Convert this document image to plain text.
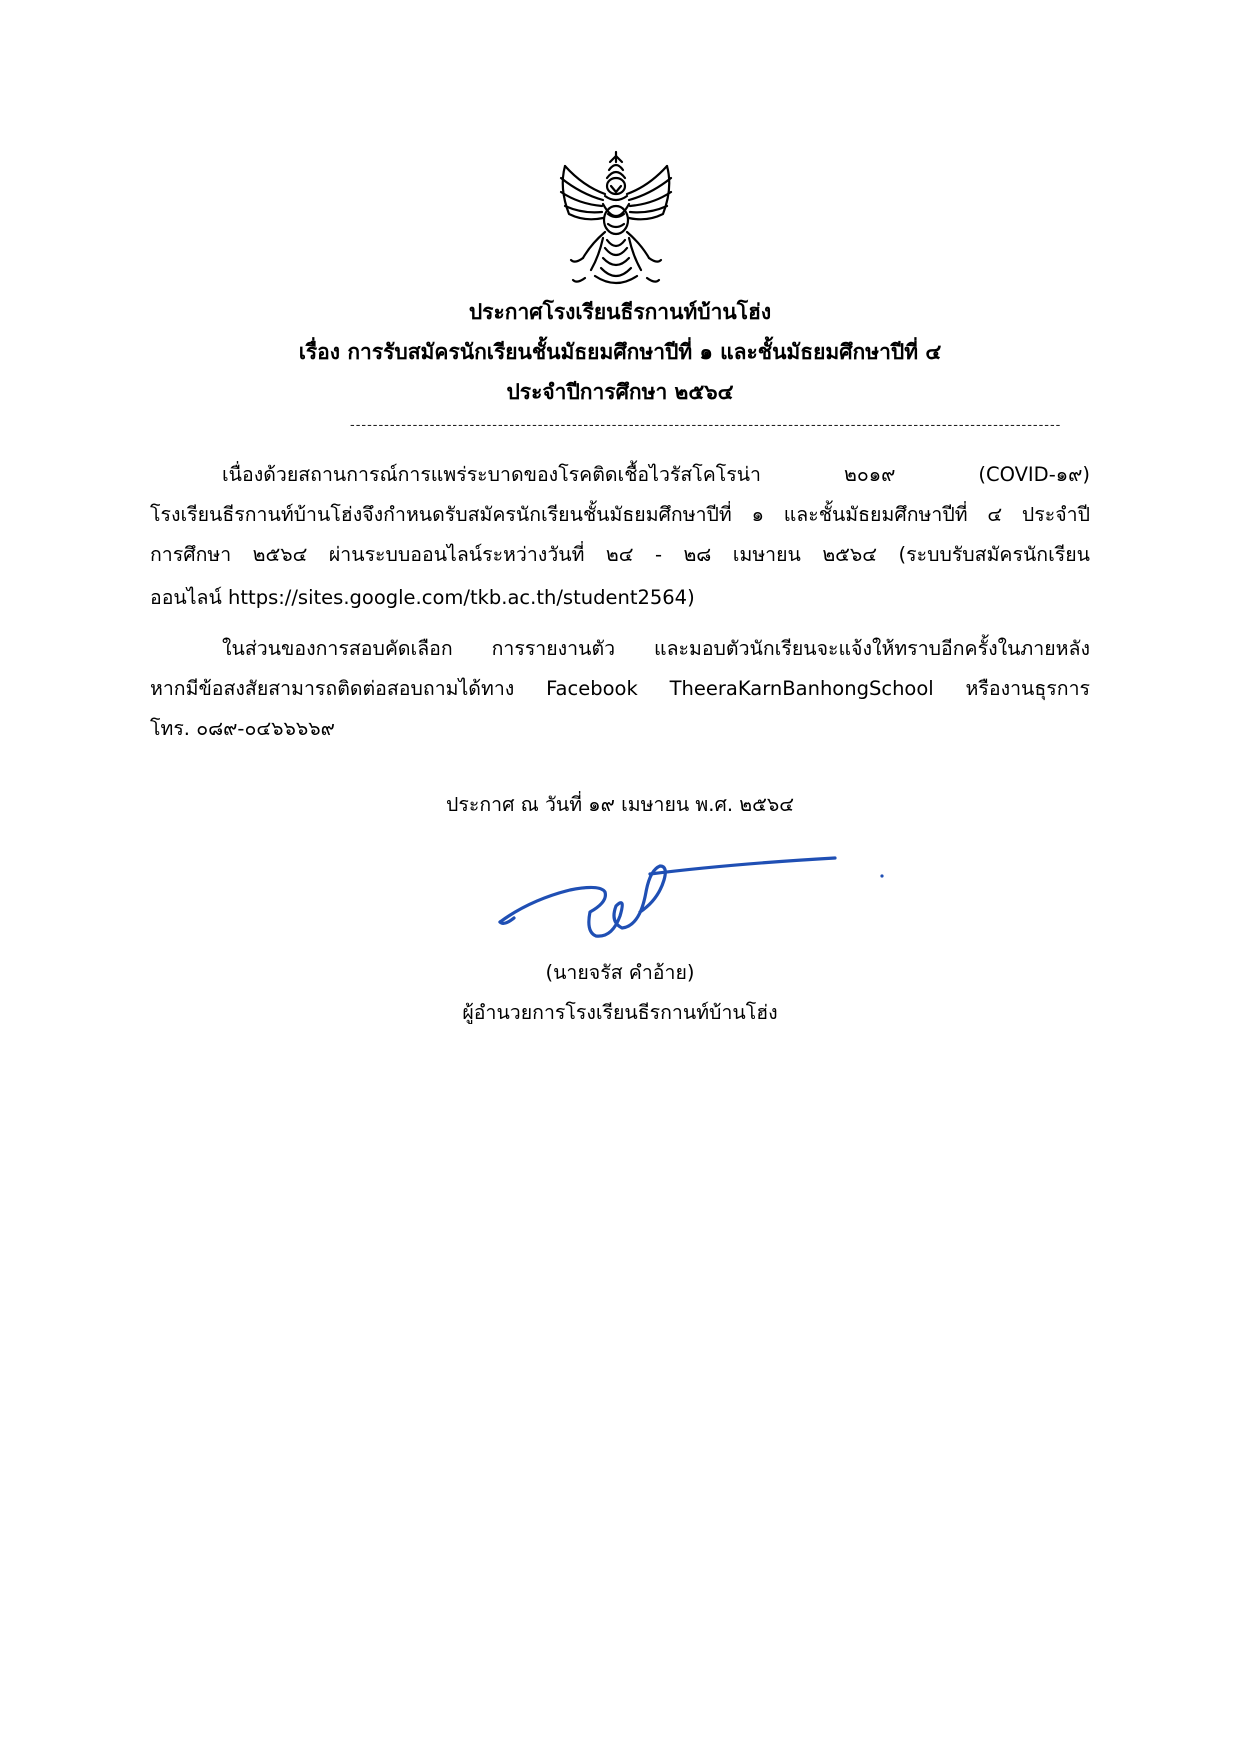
ประกาศโรงเรียนธีรกานท์บ้านโฮ่ง
เรื่อง การรับสมัครนักเรียนชั้นมัธยมศึกษาปีที่ ๑ และชั้นมัธยมศึกษาปีที่ ๔
ประจำปีการศึกษา ๒๕๖๔
-----------------------------------------------------------------------------------------------------------------------------
เนื่องด้วยสถานการณ์การแพร่ระบาดของโรคติดเชื้อไวรัสโคโรน่า ๒๐๑๙ (COVID-๑๙)
โรงเรียนธีรกานท์บ้านโฮ่งจึงกำหนดรับสมัครนักเรียนชั้นมัธยมศึกษาปีที่ ๑ และชั้นมัธยมศึกษาปีที่ ๔ ประจำปี
การศึกษา ๒๕๖๔ ผ่านระบบออนไลน์ระหว่างวันที่ ๒๔ - ๒๘ เมษายน ๒๕๖๔ (ระบบรับสมัครนักเรียน
ออนไลน์ https://sites.google.com/tkb.ac.th/student2564)
ในส่วนของการสอบคัดเลือก การรายงานตัว และมอบตัวนักเรียนจะแจ้งให้ทราบอีกครั้งในภายหลัง
หากมีข้อสงสัยสามารถติดต่อสอบถามได้ทาง Facebook TheeraKarnBanhongSchool หรืองานธุรการ
โทร. ๐๘๙-๐๔๖๖๖๖๙
ประกาศ ณ วันที่ ๑๙ เมษายน พ.ศ. ๒๕๖๔
(นายจรัส คำอ้าย)
ผู้อำนวยการโรงเรียนธีรกานท์บ้านโฮ่ง
